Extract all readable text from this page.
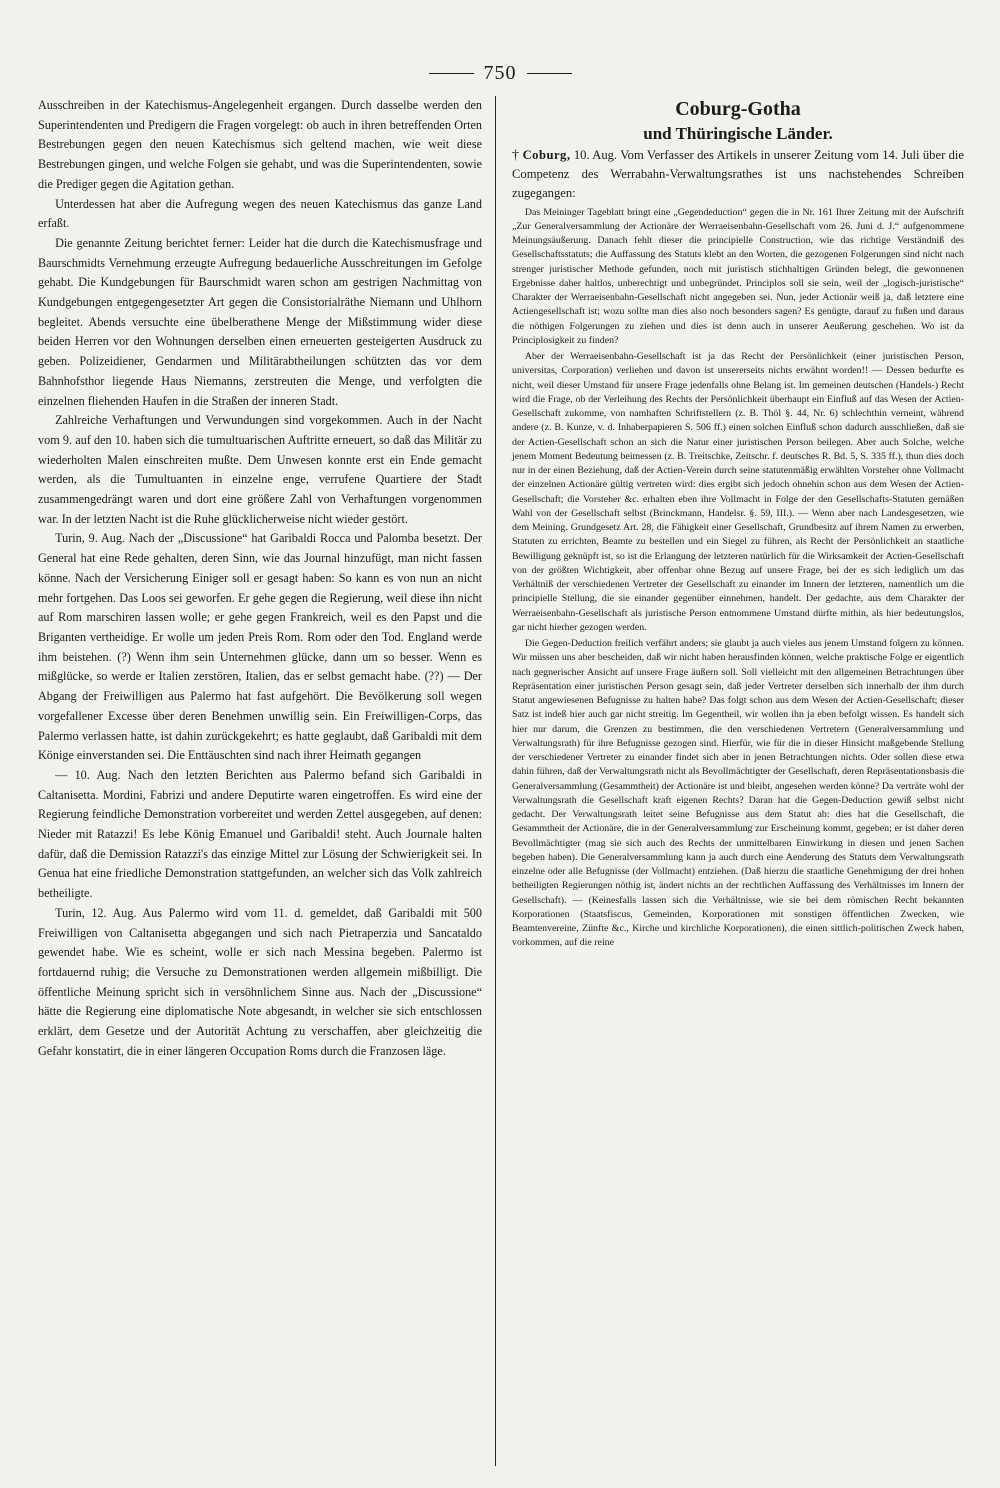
750

Ausschreiben in der Katechismus-Angelegenheit ergangen. Durch dasselbe werden den Superintendenten und Predigern die Fragen vorgelegt: ob auch in ihren betreffenden Orten Bestrebungen gegen den neuen Katechismus sich geltend machen, wie weit diese Bestrebungen gingen, und welche Folgen sie gehabt, und was die Superintendenten, sowie die Prediger gegen die Agitation gethan.

Unterdessen hat aber die Aufregung wegen des neuen Katechismus das ganze Land erfaßt.

Die genannte Zeitung berichtet ferner: Leider hat die durch die Katechismusfrage und Baurschmidts Vernehmung erzeugte Aufregung bedauerliche Ausschreitungen im Gefolge gehabt. Die Kundgebungen für Baurschmidt waren schon am gestrigen Nachmittag von Kundgebungen entgegengesetzter Art gegen die Consistorialräthe Niemann und Uhlhorn begleitet. Abends versuchte eine übelberathene Menge der Mißstimmung wider diese beiden Herren vor den Wohnungen derselben einen erneuerten gesteigerten Ausdruck zu geben. Polizeidiener, Gendarmen und Militärabtheilungen schützten das vor dem Bahnhofsthor liegende Haus Niemanns, zerstreuten die Menge, und verfolgten die einzelnen fliehenden Haufen in die Straßen der inneren Stadt.

Zahlreiche Verhaftungen und Verwundungen sind vorgekommen. Auch in der Nacht vom 9. auf den 10. haben sich die tumultuarischen Auftritte erneuert, so daß das Militär zu wiederholten Malen einschreiten mußte. Dem Unwesen konnte erst ein Ende gemacht werden, als die Tumultuanten in einzelne enge, verrufene Quartiere der Stadt zusammengedrängt waren und dort eine größere Zahl von Verhaftungen vorgenommen war. In der letzten Nacht ist die Ruhe glücklicherweise nicht wieder gestört.

Turin, 9. Aug. Nach der „Discussione“ hat Garibaldi Rocca und Palomba besetzt. Der General hat eine Rede gehalten, deren Sinn, wie das Journal hinzufügt, man nicht fassen könne. Nach der Versicherung Einiger soll er gesagt haben: So kann es von nun an nicht mehr fortgehen. Das Loos sei geworfen. Er gehe gegen die Regierung, weil diese ihn nicht auf Rom marschiren lassen wolle; er gehe gegen Frankreich, weil es den Papst und die Briganten vertheidige. Er wolle um jeden Preis Rom. Rom oder den Tod. England werde ihm beistehen. (?) Wenn ihm sein Unternehmen glücke, dann um so besser. Wenn es mißglücke, so werde er Italien zerstören, Italien, das er selbst gemacht habe. (??) — Der Abgang der Freiwilligen aus Palermo hat fast aufgehört. Die Bevölkerung soll wegen vorgefallener Excesse über deren Benehmen unwillig sein. Ein Freiwilligen-Corps, das Palermo verlassen hatte, ist dahin zurückgekehrt; es hatte geglaubt, daß Garibaldi mit dem Könige einverstanden sei. Die Enttäuschten sind nach ihrer Heimath gegangen

— 10. Aug. Nach den letzten Berichten aus Palermo befand sich Garibaldi in Caltanisetta. Mordini, Fabrizi und andere Deputirte waren eingetroffen. Es wird eine der Regierung feindliche Demonstration vorbereitet und werden Zettel ausgegeben, auf denen: Nieder mit Ratazzi! Es lebe König Emanuel und Garibaldi! steht. Auch Journale halten dafür, daß die Demission Ratazzi's das einzige Mittel zur Lösung der Schwierigkeit sei. In Genua hat eine friedliche Demonstration stattgefunden, an welcher sich das Volk zahlreich betheiligte.

Turin, 12. Aug. Aus Palermo wird vom 11. d. gemeldet, daß Garibaldi mit 500 Freiwilligen von Caltanisetta abgegangen und sich nach Pietraperzia und Sancataldo gewendet habe. Wie es scheint, wolle er sich nach Messina begeben. Palermo ist fortdauernd ruhig; die Versuche zu Demonstrationen werden allgemein mißbilligt. Die öffentliche Meinung spricht sich in versöhnlichem Sinne aus. Nach der „Discussione“ hätte die Regierung eine diplomatische Note abgesandt, in welcher sie sich entschlossen erklärt, dem Gesetze und der Autorität Achtung zu verschaffen, aber gleichzeitig die Gefahr konstatirt, die in einer längeren Occupation Roms durch die Franzosen läge.

Coburg-Gotha

und Thüringische Länder.

† Coburg, 10. Aug. Vom Verfasser des Artikels in unserer Zeitung vom 14. Juli über die Competenz des Werrabahn-Verwaltungsrathes ist uns nachstehendes Schreiben zugegangen:

Das Meininger Tageblatt bringt eine „Gegendeduction“ gegen die in Nr. 161 Ihrer Zeitung mit der Aufschrift „Zur Generalversammlung der Actionäre der Werraeisenbahn-Gesellschaft vom 26. Juni d. J.“ aufgenommene Meinungsäußerung. Danach fehlt dieser die principielle Construction, wie das richtige Verständniß des Gesellschaftsstatuts; die Auffassung des Statuts klebt an den Worten, die gezogenen Folgerungen sind nicht nach strenger juristischer Methode gefunden, noch mit juristisch stichhaltigen Gründen belegt, die gewonnenen Ergebnisse daher haltlos, unberechtigt und unbegründet. Principlos soll sie sein, weil der „logisch-juristische“ Charakter der Werraeisenbahn-Gesellschaft nicht angegeben sei. Nun, jeder Actionär weiß ja, daß letztere eine Actiengesellschaft ist; wozu sollte man dies also noch besonders sagen? Es genügte, darauf zu fußen und daraus die nöthigen Folgerungen zu ziehen und dies ist denn auch in unserer Aeußerung geschehen. Wo ist da Principlosigkeit zu finden?

Aber der Werraeisenbahn-Gesellschaft ist ja das Recht der Persönlichkeit (einer juristischen Person, universitas, Corporation) verliehen und davon ist unsererseits nichts erwähnt worden!! — Dessen bedurfte es nicht, weil dieser Umstand für unsere Frage jedenfalls ohne Belang ist. Im gemeinen deutschen (Handels-) Recht wird die Frage, ob der Verleihung des Rechts der Persönlichkeit überhaupt ein Einfluß auf das Wesen der Actien-Gesellschaft zukomme, von namhaften Schriftstellern (z. B. Thöl §. 44, Nr. 6) schlechthin verneint, während andere (z. B. Kunze, v. d. Inhaberpapieren S. 506 ff.) einen solchen Einfluß schon dadurch ausschließen, daß sie der Actien-Gesellschaft schon an sich die Natur einer juristischen Person beilegen. Aber auch Solche, welche jenem Moment Bedeutung beimessen (z. B. Treitschke, Zeitschr. f. deutsches R. Bd. 5, S. 335 ff.), thun dies doch nur in der einen Beziehung, daß der Actien-Verein durch seine statutenmäßig erwählten Vorsteher ohne Vollmacht der einzelnen Actionäre gültig vertreten wird: dies ergibt sich jedoch ohnehin schon aus dem Wesen der Actien-Gesellschaft; die Vorsteher &c. erhalten eben ihre Vollmacht in Folge der den Gesellschafts-Statuten gemäßen Wahl von der Gesellschaft selbst (Brinckmann, Handelsr. §. 59, III.). — Wenn aber nach Landesgesetzen, wie dem Meining. Grundgesetz Art. 28, die Fähigkeit einer Gesellschaft, Grundbesitz auf ihrem Namen zu erwerben, Statuten zu errichten, Beamte zu bestellen und ein Siegel zu führen, als Recht der Persönlichkeit an staatliche Bewilligung geknüpft ist, so ist die Erlangung der letzteren natürlich für die Wirksamkeit der Actien-Gesellschaft von der größten Wichtigkeit, aber offenbar ohne Bezug auf unsere Frage, bei der es sich lediglich um das Verhältniß der verschiedenen Vertreter der Gesellschaft zu einander im Innern der letzteren, namentlich um die principielle Stellung, die sie einander gegenüber einnehmen, handelt. Der gedachte, aus dem Charakter der Werraeisenbahn-Gesellschaft als juristische Person entnommene Umstand dürfte mithin, als hier bedeutungslos, gar nicht hierher gezogen werden.

Die Gegen-Deduction freilich verfährt anders; sie glaubt ja auch vieles aus jenem Umstand folgern zu können. Wir müssen uns aber bescheiden, daß wir nicht haben herausfinden können, welche praktische Folge er eigentlich nach gegnerischer Ansicht auf unsere Frage äußern soll. Soll vielleicht mit den allgemeinen Betrachtungen über Repräsentation einer juristischen Person gesagt sein, daß jeder Vertreter derselben sich innerhalb der ihm durch Statut angewiesenen Befugnisse zu halten habe? Das folgt schon aus dem Wesen der Actien-Gesellschaft; dieser Satz ist indeß hier auch gar nicht streitig. Im Gegentheil, wir wollen ihn ja eben befolgt wissen. Es handelt sich hier nur darum, die Grenzen zu bestimmen, die den verschiedenen Vertretern (Generalversammlung und Verwaltungsrath) für ihre Befugnisse gezogen sind. Hierfür, wie für die in dieser Hinsicht maßgebende Stellung der verschiedener Vertreter zu einander findet sich aber in jenen Betrachtungen nichts. Oder sollen diese etwa dahin führen, daß der Verwaltungsrath nicht als Bevollmächtigter der Gesellschaft, deren Repräsentationsbasis die Generalversammlung (Gesammtheit) der Actionäre ist und bleibt, angesehen werden könne? Da verträte wohl der Verwaltungsrath die Gesellschaft kraft eigenen Rechts? Daran hat die Gegen-Deduction gewiß selbst nicht gedacht. Der Verwaltungsrath leitet seine Befugnisse aus dem Statut ab: dies hat die Gesellschaft, die Gesammtheit der Actionäre, die in der Generalversammlung zur Erscheinung kommt, gegeben; er ist daher deren Bevollmächtigter (mag sie sich auch des Rechts der unmittelbaren Einwirkung in diesen und jenen Sachen begeben haben). Die Generalversammlung kann ja auch durch eine Aenderung des Statuts dem Verwaltungsrath einzelne oder alle Befugnisse (der Vollmacht) entziehen. (Daß hierzu die staatliche Genehmigung der drei hohen betheiligten Regierungen nöthig ist, ändert nichts an der rechtlichen Auffassung des Verhältnisses im Innern der Gesellschaft). — (Keinesfalls lassen sich die Verhältnisse, wie sie bei dem römischen Recht bekannten Korporationen (Staatsfiscus, Gemeinden, Korporationen mit sonstigen öffentlichen Zwecken, wie Beamtenvereine, Zünfte &c., Kirche und kirchliche Korporationen), die einen sittlich-politischen Zweck haben, vorkommen, auf die reine
